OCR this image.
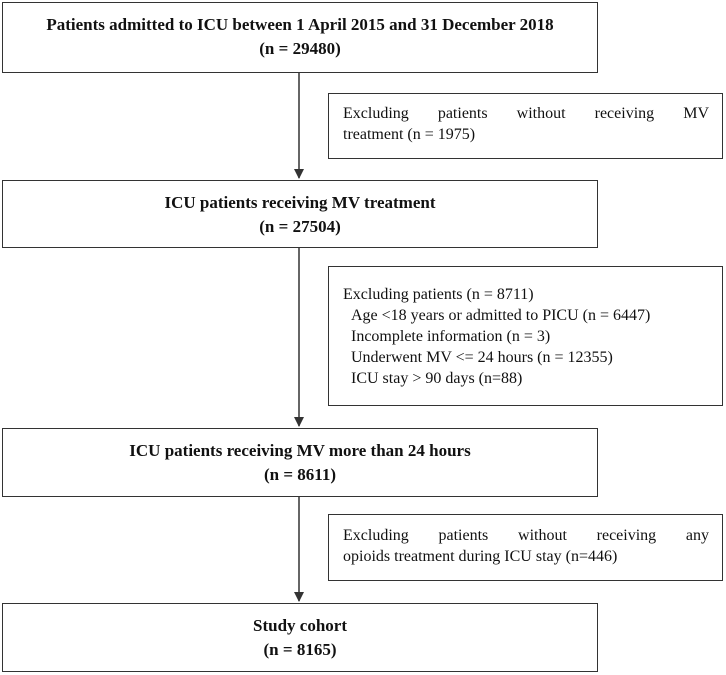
Patients admitted to ICU between 1 April 2015 and 31 December 2018
(n = 29480)
Excluding patients without receiving MV
treatment (n = 1975)
ICU patients receiving MV treatment
(n = 27504)
Excluding patients (n = 8711)
Age <18 years or admitted to PICU (n = 6447)
Incomplete information (n = 3)
Underwent MV <= 24 hours (n = 12355)
ICU stay > 90 days (n=88)
ICU patients receiving MV more than 24 hours
(n = 8611)
Excluding patients without receiving any
opioids treatment during ICU stay (n=446)
Study cohort
(n = 8165)
